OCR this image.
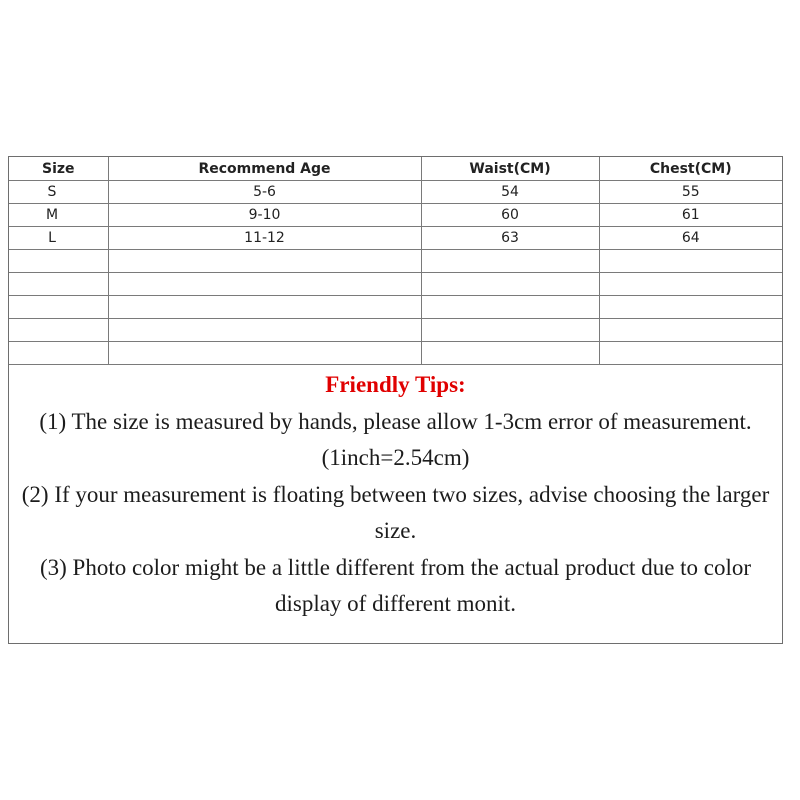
Size	Recommend Age	Waist(CM)	Chest(CM)
S	5-6	54	55
M	9-10	60	61
L	11-12	63	64

Friendly Tips:
(1) The size is measured by hands, please allow 1-3cm error of measurement. (1inch=2.54cm)
(2) If your measurement is floating between two sizes, advise choosing the larger size.
(3) Photo color might be a little different from the actual product due to color display of different monit.
